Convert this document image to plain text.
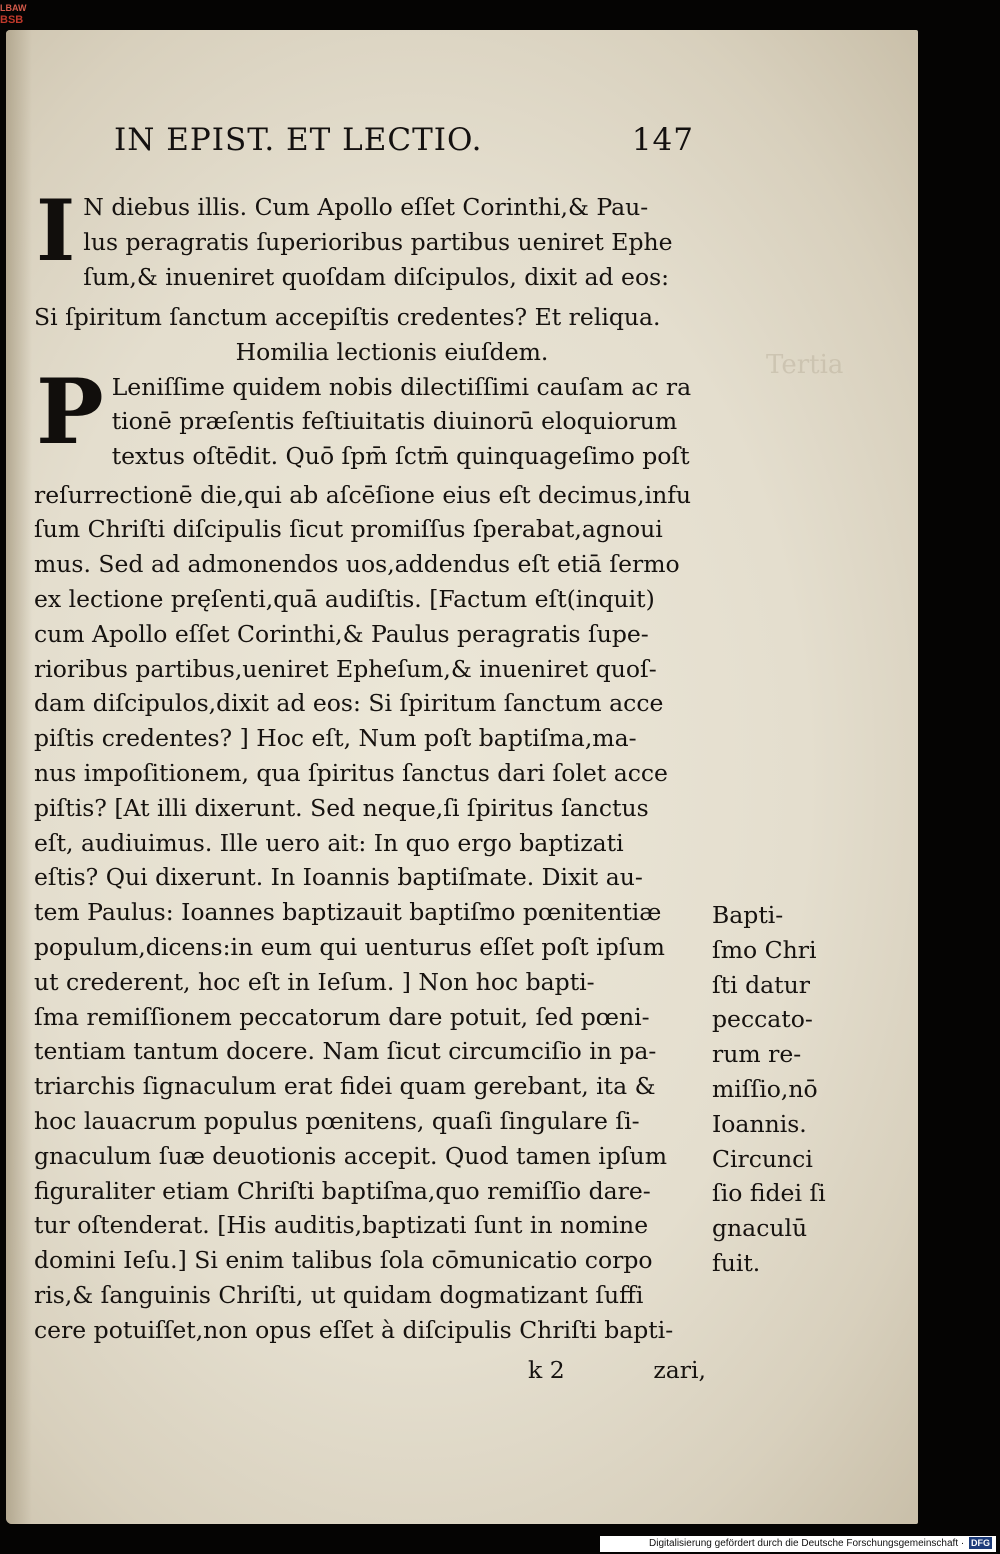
LBAW
BSB
Tertia
IN EPIST. ET LECTIO.	147
I N diebus illis. Cum Apollo eſſet Corinthi,& Pau-

lus peragratis ſuperioribus partibus ueniret Ephe

ſum,& inueniret quoſdam diſcipulos, dixit ad eos:

Si ſpiritum ſanctum accepiſtis credentes? Et reliqua.

Homilia lectionis eiuſdem.

P Leniſſime quidem nobis dilectiſſimi cauſam ac ra

tionē præſentis feſtiuitatis diuinorū eloquiorum

textus oſtēdit. Quō ſpm̄ ſctm̄ quinquageſimo poſt

reſurrectionē die,qui ab aſcēſione eius eſt decimus,infu

ſum Chriſti diſcipulis ſicut promiſſus ſperabat,agnoui

mus. Sed ad admonendos uos,addendus eſt etiā ſermo

ex lectione pręſenti,quā audiſtis. [Factum eſt(inquit)

cum Apollo eſſet Corinthi,& Paulus peragratis ſupe-

rioribus partibus,ueniret Epheſum,& inueniret quoſ-

dam diſcipulos,dixit ad eos: Si ſpiritum ſanctum acce

piſtis credentes? ] Hoc eſt, Num poſt baptiſma,ma-

nus impoſitionem, qua ſpiritus ſanctus dari ſolet acce

piſtis? [At illi dixerunt. Sed neque,ſi ſpiritus ſanctus

eſt, audiuimus. Ille uero ait: In quo ergo baptizati

eſtis? Qui dixerunt. In Ioannis baptiſmate. Dixit au-

tem Paulus: Ioannes baptizauit baptiſmo pœnitentiæ

populum,dicens:in eum qui uenturus eſſet poſt ipſum

ut crederent, hoc eſt in Ieſum. ] Non hoc bapti-

ſma remiſſionem peccatorum dare potuit, ſed pœni-

tentiam tantum docere. Nam ſicut circumciſio in pa-

triarchis ſignaculum erat fidei quam gerebant, ita &

hoc lauacrum populus pœnitens, quaſi ſingulare ſi-

gnaculum ſuæ deuotionis accepit. Quod tamen ipſum

figuraliter etiam Chriſti baptiſma,quo remiſſio dare-

tur oſtenderat. [His auditis,baptizati ſunt in nomine

domini Ieſu.] Si enim talibus ſola cōmunicatio corpo

ris,& ſanguinis Chriſti, ut quidam dogmatizant ſuffi

cere potuiſſet,non opus eſſet à diſcipulis Chriſti bapti-

Bapti-
ſmo Chri
ſti datur
peccato-
rum re-
miſſio,nō
Ioannis.
Circunci
ſio fidei ſi
gnaculū
fuit.
k 2	zari,
Digitalisierung gefördert durch die Deutsche Forschungsgemeinschaft · DFG
